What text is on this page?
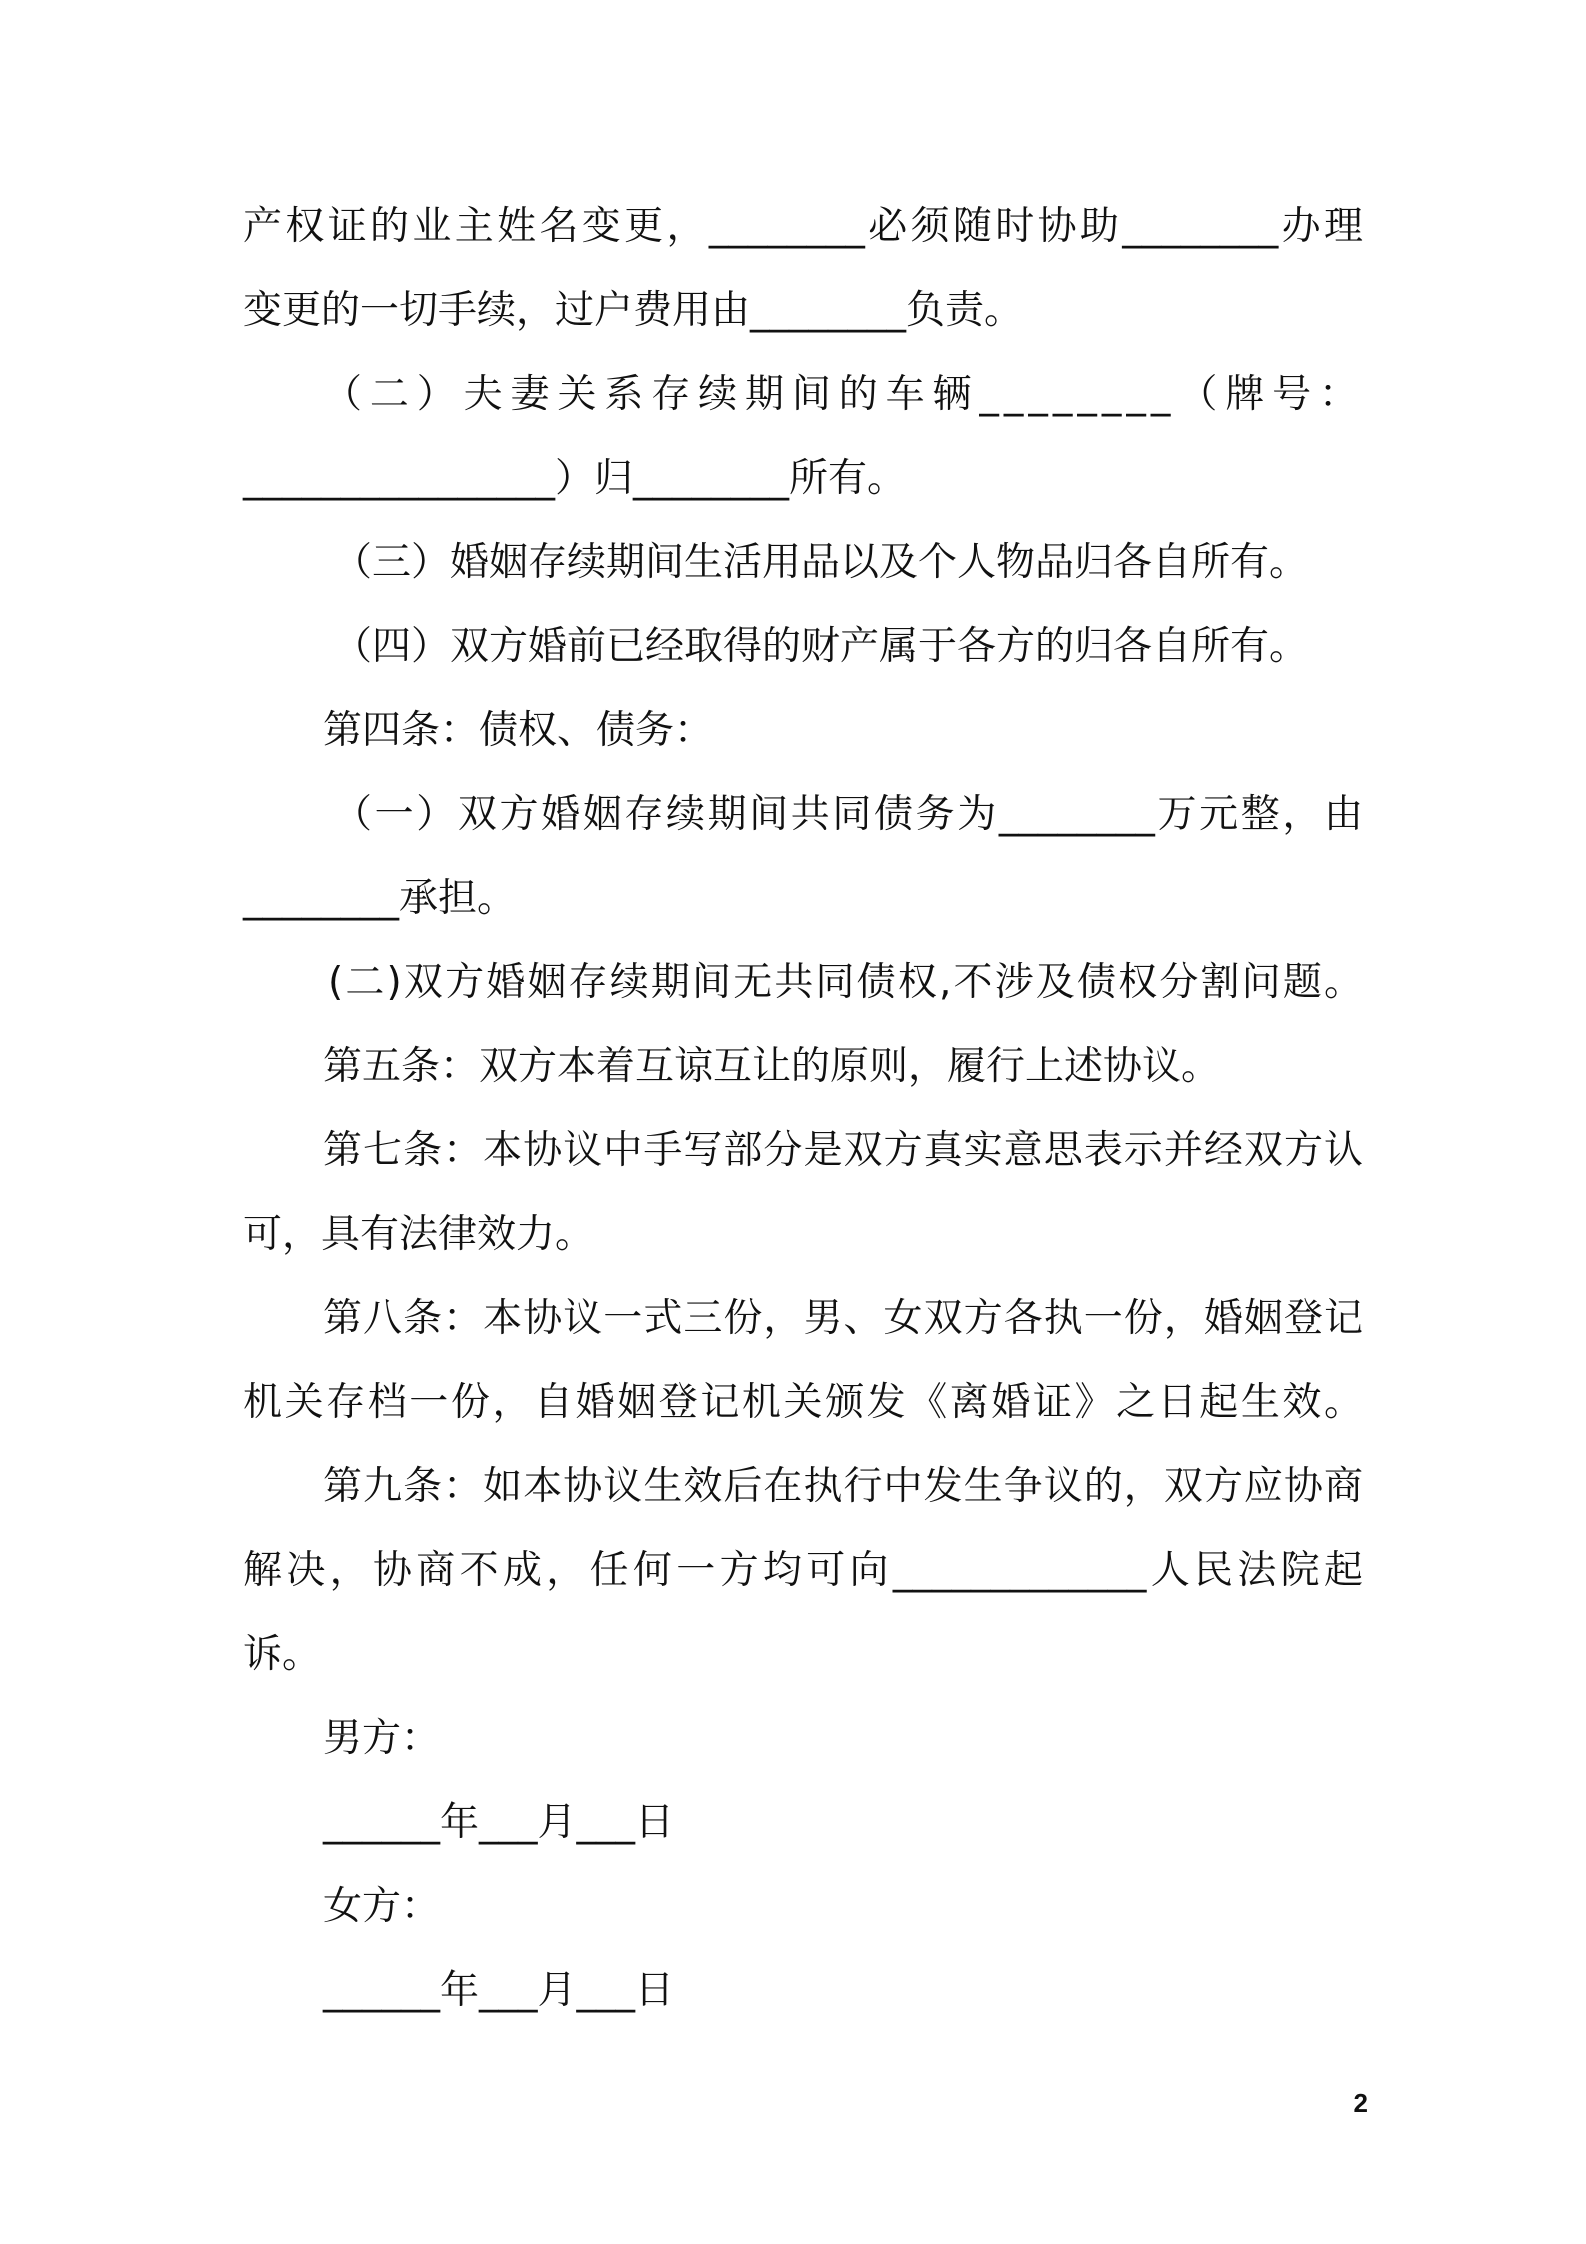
产权证的业主姓名变更，________必须随时协助________办理
变更的一切手续，过户费用由________负责。
（二）夫妻关系存续期间的车辆________（牌号：
________________）归________所有。
（三）婚姻存续期间生活用品以及个人物品归各自所有。
（四）双方婚前已经取得的财产属于各方的归各自所有。
第四条：债权、债务：
（一）双方婚姻存续期间共同债务为________万元整，由
________承担。
(二)双方婚姻存续期间无共同债权,不涉及债权分割问题。
第五条：双方本着互谅互让的原则，履行上述协议。
第七条：本协议中手写部分是双方真实意思表示并经双方认
可，具有法律效力。
第八条：本协议一式三份，男、女双方各执一份，婚姻登记
机关存档一份，自婚姻登记机关颁发《离婚证》之日起生效。
第九条：如本协议生效后在执行中发生争议的，双方应协商
解决，协商不成，任何一方均可向_____________人民法院起
诉。
男方：
______年___月___日
女方：
______年___月___日
2
